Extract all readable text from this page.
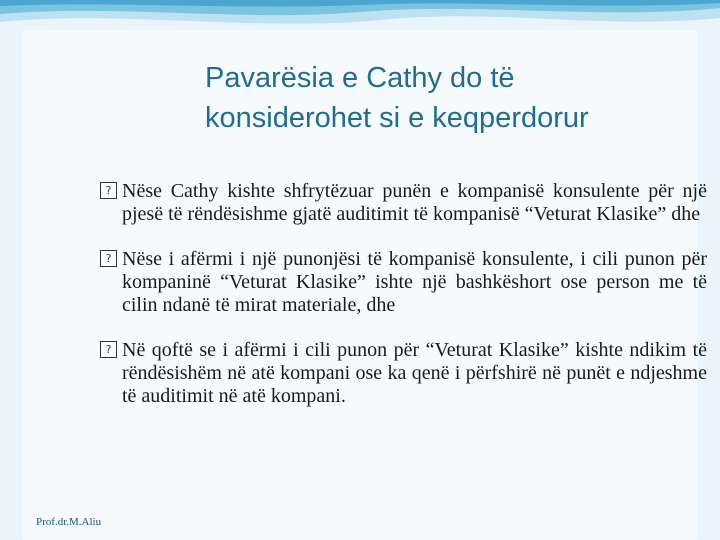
Pavarësia e Cathy do të konsiderohet si e keqperdorur
? Nëse Cathy kishte shfrytëzuar punën e kompanisë konsulente për një pjesë të rëndësishme gjatë auditimit të kompanisë “Veturat Klasike” dhe
? Nëse i afërmi i një punonjësi të kompanisë konsulente, i cili punon për kompaninë “Veturat Klasike” ishte një bashkëshort ose person me të cilin ndanë të mirat materiale, dhe
? Në qoftë se i afërmi i cili punon për “Veturat Klasike” kishte ndikim të rëndësishëm në atë kompani ose ka qenë i përfshirë në punët e ndjeshme të auditimit në atë kompani.
Prof.dr.M.Aliu
